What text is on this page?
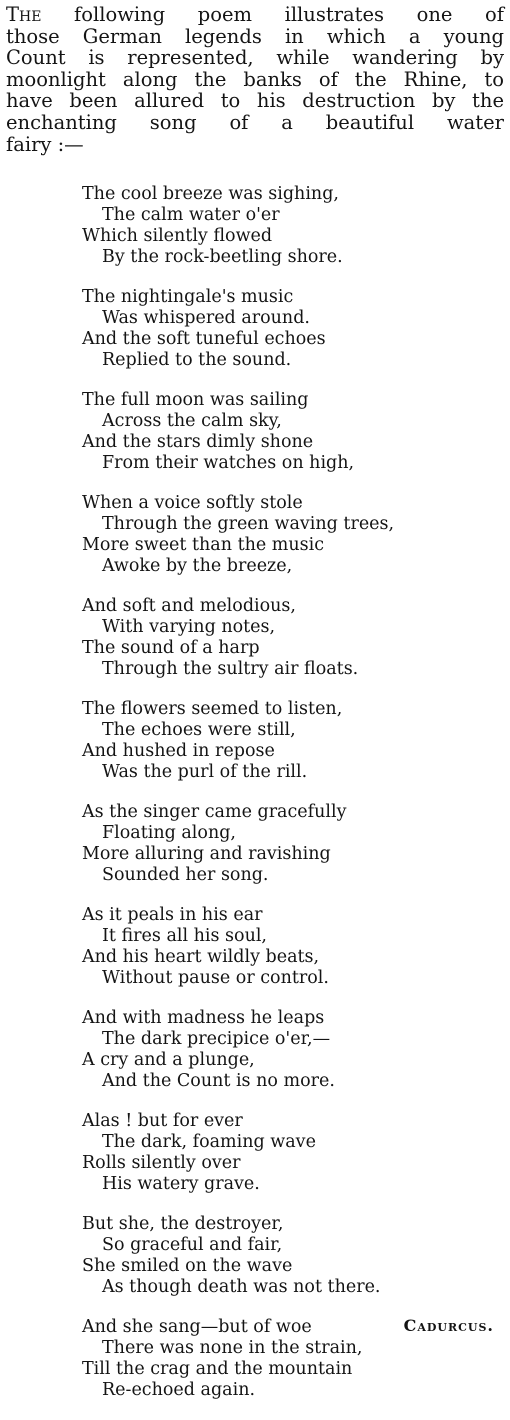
The following poem illustrates one of
those German legends in which a young
Count is represented, while wandering by
moonlight along the banks of the Rhine, to
have been allured to his destruction by the
enchanting song of a beautiful water
fairy :—
The cool breeze was sighing,
The calm water o'er
Which silently flowed
By the rock-beetling shore.
The nightingale's music
Was whispered around.
And the soft tuneful echoes
Replied to the sound.
The full moon was sailing
Across the calm sky,
And the stars dimly shone
From their watches on high,
When a voice softly stole
Through the green waving trees,
More sweet than the music
Awoke by the breeze,
And soft and melodious,
With varying notes,
The sound of a harp
Through the sultry air floats.
The flowers seemed to listen,
The echoes were still,
And hushed in repose
Was the purl of the rill.
As the singer came gracefully
Floating along,
More alluring and ravishing
Sounded her song.
As it peals in his ear
It fires all his soul,
And his heart wildly beats,
Without pause or control.
And with madness he leaps
The dark precipice o'er,—
A cry and a plunge,
And the Count is no more.
Alas ! but for ever
The dark, foaming wave
Rolls silently over
His watery grave.
But she, the destroyer,
So graceful and fair,
She smiled on the wave
As though death was not there.
And she sang—but of woe
There was none in the strain,
Till the crag and the mountain
Re-echoed again.
Cadurcus.
